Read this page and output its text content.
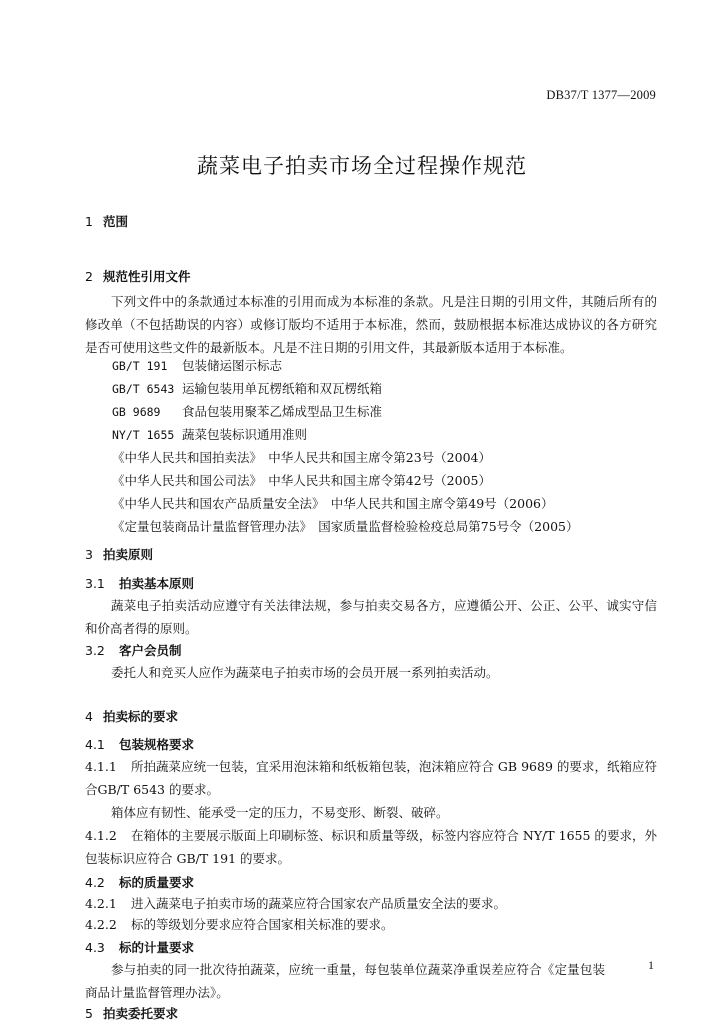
DB37/T 1377—2009
蔬菜电子拍卖市场全过程操作规范
1 范围
2 规范性引用文件
下列文件中的条款通过本标准的引用而成为本标准的条款。凡是注日期的引用文件，其随后所有的修改单（不包括勘误的内容）或修订版均不适用于本标准，然而，鼓励根据本标准达成协议的各方研究是否可使用这些文件的最新版本。凡是不注日期的引用文件，其最新版本适用于本标准。
GB/T 191 包装储运图示标志
GB/T 6543 运输包装用单瓦楞纸箱和双瓦楞纸箱
GB 9689 食品包装用聚苯乙烯成型品卫生标准
NY/T 1655 蔬菜包装标识通用准则
《中华人民共和国拍卖法》　中华人民共和国主席令第23号（2004）
《中华人民共和国公司法》　中华人民共和国主席令第42号（2005）
《中华人民共和国农产品质量安全法》　中华人民共和国主席令第49号（2006）
《定量包装商品计量监督管理办法》　国家质量监督检验检疫总局第75号令（2005）
3 拍卖原则
3.1 拍卖基本原则
蔬菜电子拍卖活动应遵守有关法律法规，参与拍卖交易各方，应遵循公开、公正、公平、诚实守信和价高者得的原则。
3.2 客户会员制
委托人和竞买人应作为蔬菜电子拍卖市场的会员开展一系列拍卖活动。
4 拍卖标的要求
4.1 包装规格要求
4.1.1 所拍蔬菜应统一包装，宜采用泡沫箱和纸板箱包装，泡沫箱应符合 GB 9689 的要求，纸箱应符合GB/T 6543 的要求。
箱体应有韧性、能承受一定的压力，不易变形、断裂、破碎。
4.1.2 在箱体的主要展示版面上印刷标签、标识和质量等级，标签内容应符合 NY/T 1655 的要求，外包装标识应符合 GB/T 191 的要求。
4.2 标的质量要求
4.2.1 进入蔬菜电子拍卖市场的蔬菜应符合国家农产品质量安全法的要求。
4.2.2 标的等级划分要求应符合国家相关标准的要求。
4.3 标的计量要求
参与拍卖的同一批次待拍蔬菜，应统一重量，每包装单位蔬菜净重误差应符合《定量包装商品计量监督管理办法》。
5 拍卖委托要求
1
